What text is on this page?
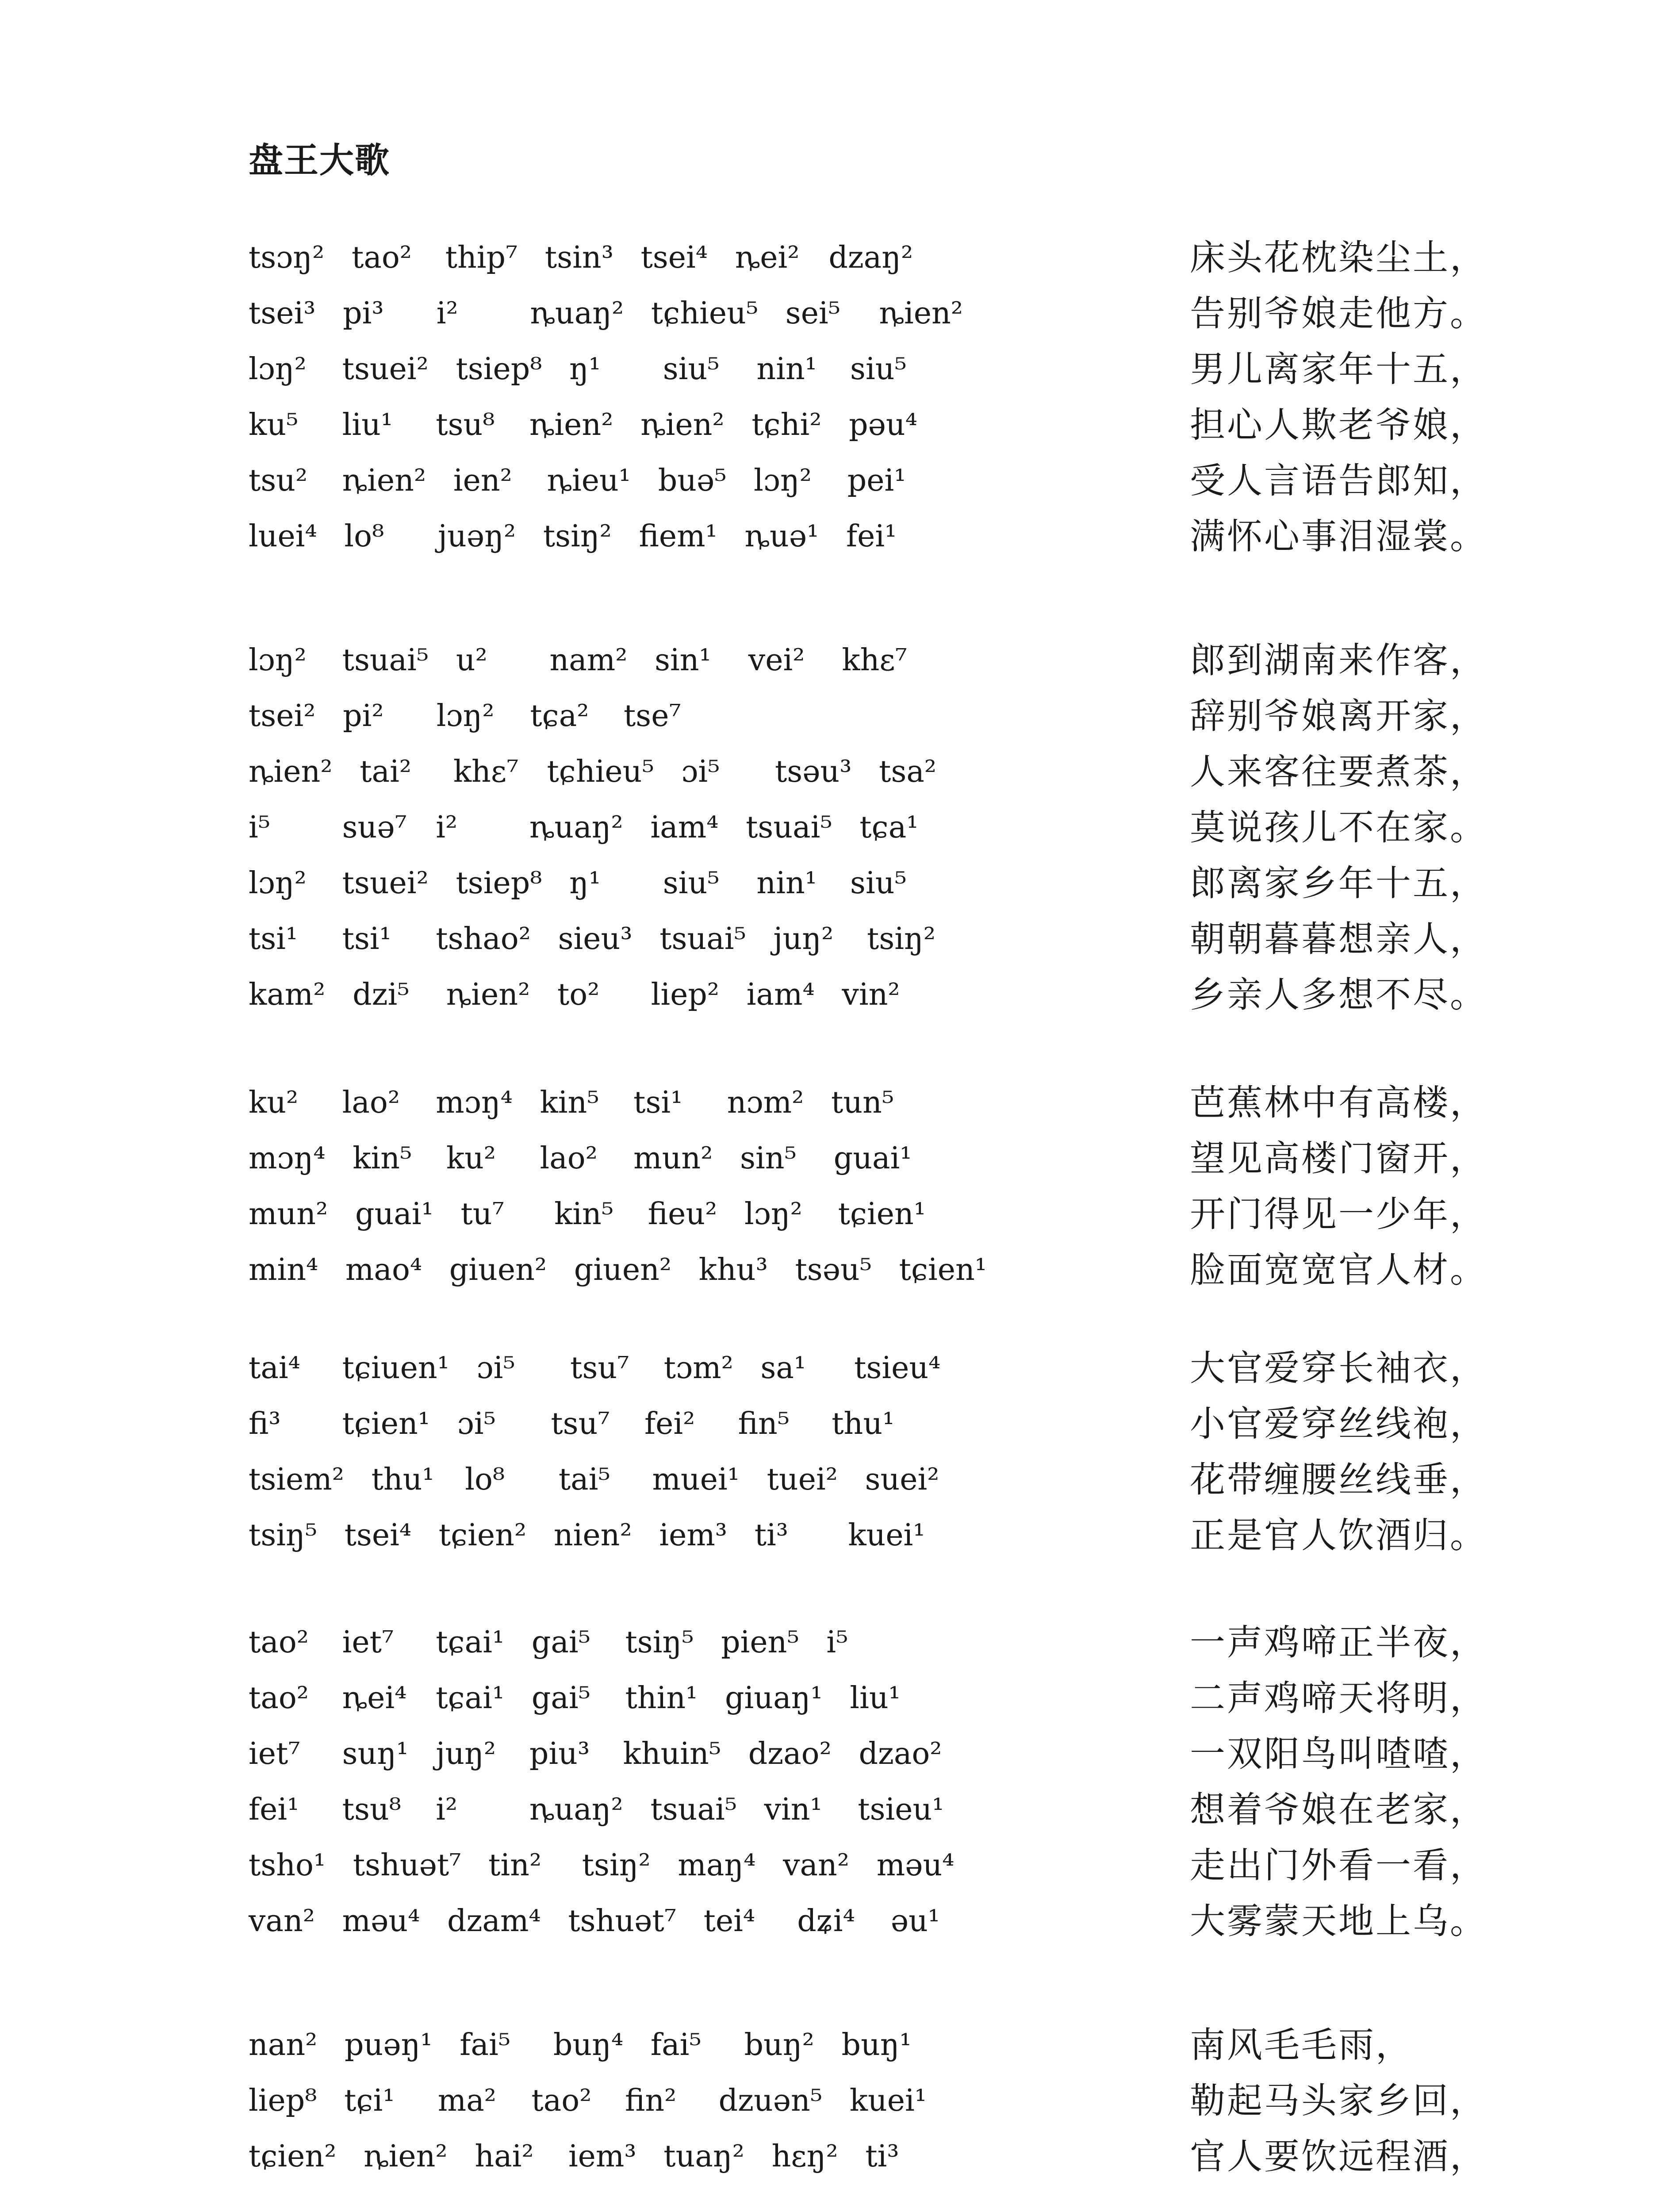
盘王大歌
tsɔŋ² tao² thip⁷ tsin³ tsei⁴ ȵei² dzaŋ²	床头花枕染尘土，
tsei³ pi³ i² ȵuaŋ² tɕhieu⁵ sei⁵ ȵien²	告别爷娘走他方。
lɔŋ² tsuei² tsiep⁸ ŋ¹ siu⁵ nin¹ siu⁵	男儿离家年十五，
ku⁵ liu¹ tsu⁸ ȵien² ȵien² tɕhi² pəu⁴	担心人欺老爷娘，
tsu² ȵien² ien² ȵieu¹ buə⁵ lɔŋ² pei¹	受人言语告郎知，
luei⁴ lo⁸ juəŋ² tsiŋ² fiem¹ ȵuə¹ fei¹	满怀心事泪湿裳。
lɔŋ² tsuai⁵ u² nam² sin¹ vei² khɛ⁷	郎到湖南来作客，
tsei² pi² lɔŋ² tɕa² tse⁷	辞别爷娘离开家，
ȵien² tai² khɛ⁷ tɕhieu⁵ ɔi⁵ tsəu³ tsa²	人来客往要煮茶，
i⁵ suə⁷ i² ȵuaŋ² iam⁴ tsuai⁵ tɕa¹	莫说孩儿不在家。
lɔŋ² tsuei² tsiep⁸ ŋ¹ siu⁵ nin¹ siu⁵	郎离家乡年十五，
tsi¹ tsi¹ tshao² sieu³ tsuai⁵ juŋ² tsiŋ²	朝朝暮暮想亲人，
kam² dzi⁵ ȵien² to² liep² iam⁴ vin²	乡亲人多想不尽。
ku² lao² mɔŋ⁴ kin⁵ tsi¹ nɔm² tun⁵	芭蕉林中有高楼，
mɔŋ⁴ kin⁵ ku² lao² mun² sin⁵ guai¹	望见高楼门窗开，
mun² guai¹ tu⁷ kin⁵ fieu² lɔŋ² tɕien¹	开门得见一少年，
min⁴ mao⁴ giuen² giuen² khu³ tsəu⁵ tɕien¹	脸面宽宽官人材。
tai⁴ tɕiuen¹ ɔi⁵ tsu⁷ tɔm² sa¹ tsieu⁴	大官爱穿长袖衣，
fi³ tɕien¹ ɔi⁵ tsu⁷ fei² fin⁵ thu¹	小官爱穿丝线袍，
tsiem² thu¹ lo⁸ tai⁵ muei¹ tuei² suei²	花带缠腰丝线垂，
tsiŋ⁵ tsei⁴ tɕien² nien² iem³ ti³ kuei¹	正是官人饮酒归。
tao² iet⁷ tɕai¹ gai⁵ tsiŋ⁵ pien⁵ i⁵	一声鸡啼正半夜，
tao² ȵei⁴ tɕai¹ gai⁵ thin¹ giuaŋ¹ liu¹	二声鸡啼天将明，
iet⁷ suŋ¹ juŋ² piu³ khuin⁵ dzao² dzao²	一双阳鸟叫喳喳，
fei¹ tsu⁸ i² ȵuaŋ² tsuai⁵ vin¹ tsieu¹	想着爷娘在老家，
tsho¹ tshuət⁷ tin² tsiŋ² maŋ⁴ van² məu⁴	走出门外看一看，
van² məu⁴ dzam⁴ tshuət⁷ tei⁴ dʑi⁴ əu¹	大雾蒙天地上乌。
nan² puəŋ¹ fai⁵ buŋ⁴ fai⁵ buŋ² buŋ¹	南风毛毛雨，
liep⁸ tɕi¹ ma² tao² fin² dzuən⁵ kuei¹	勒起马头家乡回，
tɕien² ȵien² hai² iem³ tuaŋ² hɛŋ² ti³	官人要饮远程酒，
